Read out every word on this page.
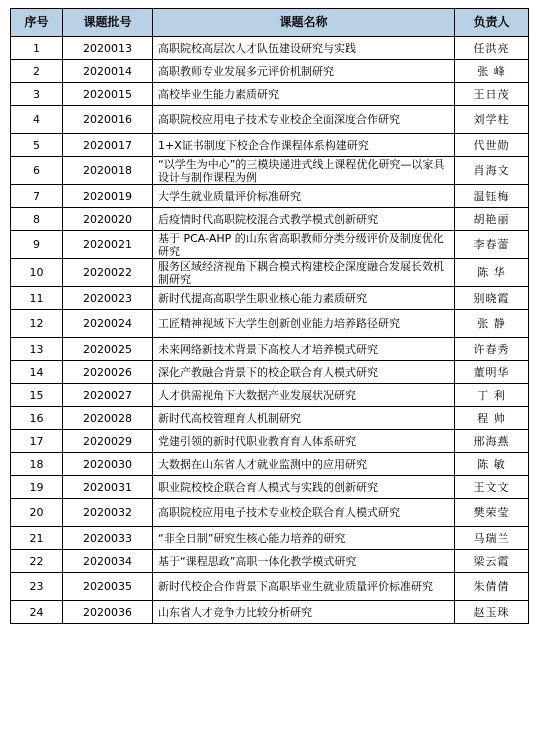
序号	课题批号	课题名称	负责人
1	2020013	高职院校高层次人才队伍建设研究与实践	任洪亮
2	2020014	高职教师专业发展多元评价机制研究	张 峰
3	2020015	高校毕业生能力素质研究	王日茂
4	2020016	高职院校应用电子技术专业校企全面深度合作研究	刘学柱
5	2020017	1+X证书制度下校企合作课程体系构建研究	代世勋
6	2020018	“以学生为中心”的三模块递进式线上课程优化研究—以家具设计与制作课程为例	肖海文
7	2020019	大学生就业质量评价标准研究	温钰梅
8	2020020	后疫情时代高职院校混合式教学模式创新研究	胡艳丽
9	2020021	基于 PCA-AHP 的山东省高职教师分类分级评价及制度优化研究	李春蕾
10	2020022	服务区域经济视角下耦合模式构建校企深度融合发展长效机制研究	陈 华
11	2020023	新时代提高高职学生职业核心能力素质研究	别晓霞
12	2020024	工匠精神视域下大学生创新创业能力培养路径研究	张 静
13	2020025	未来网络新技术背景下高校人才培养模式研究	许春秀
14	2020026	深化产教融合背景下的校企联合育人模式研究	董明华
15	2020027	人才供需视角下大数据产业发展状况研究	丁 利
16	2020028	新时代高校管理育人机制研究	程 帅
17	2020029	党建引领的新时代职业教育育人体系研究	邢海燕
18	2020030	大数据在山东省人才就业监测中的应用研究	陈 敏
19	2020031	职业院校校企联合育人模式与实践的创新研究	王文文
20	2020032	高职院校应用电子技术专业校企联合育人模式研究	樊荣莹
21	2020033	“非全日制”研究生核心能力培养的研究	马瑞兰
22	2020034	基于“课程思政”高职一体化教学模式研究	梁云霞
23	2020035	新时代校企合作背景下高职毕业生就业质量评价标准研究	朱倩倩
24	2020036	山东省人才竞争力比较分析研究	赵玉珠
